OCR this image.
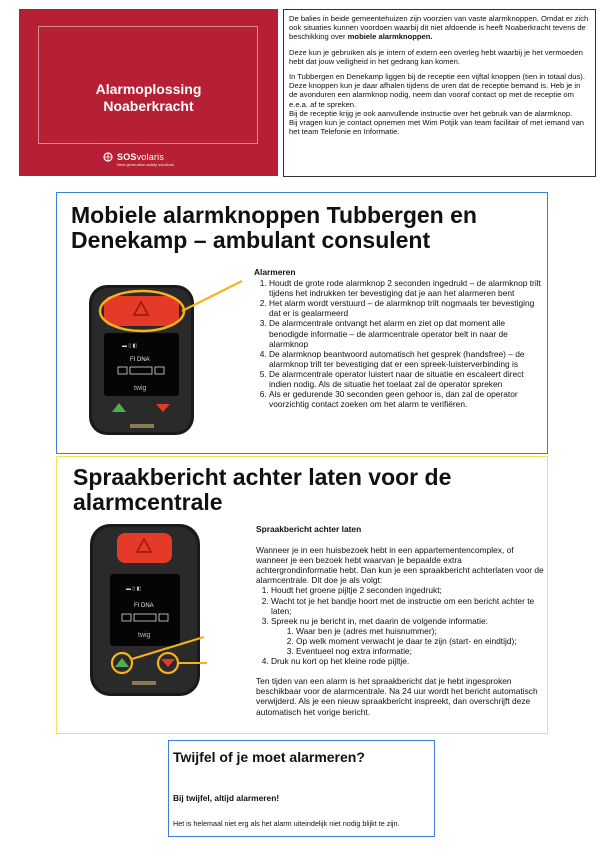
Alarmoplossing
Noaberkracht
SOSvolaris
Next generation safety solutions

De balies in beide gemeentehuizen zijn voorzien van vaste alarmknoppen. Omdat er zich ook situaties kunnen voordoen waarbij dit niet afdoende is heeft Noaberkracht tevens de beschikking over mobiele alarmknoppen.

Deze kun je gebruiken als je intern of extern een overleg hebt waarbij je het vermoeden hebt dat jouw veiligheid in het gedrang kan komen.

In Tubbergen en Denekamp liggen bij de receptie een vijftal knoppen (tien in totaal dus). Deze knoppen kun je daar afhalen tijdens de uren dat de receptie bemand is. Heb je in de avonduren een alarmknop nodig, neem dan vooraf contact op met de receptie om e.e.a. af te spreken.

Bij de receptie krijg je ook aanvullende instructie over het gebruik van de alarmknop.

Bij vragen kun je contact opnemen met Wim Potjik van team facilitair of met iemand van het team Telefonie en Informatie.

Mobiele alarmknoppen Tubbergen en Denekamp – ambulant consulent
▬ ▯ ◧
FI DNA
twig
Alarmeren
1. Houdt de grote rode alarmknop 2 seconden ingedrukt – de alarmknop trilt tijdens het indrukken ter bevestiging dat je aan het alarmeren bent
2. Het alarm wordt verstuurd – de alarmknop trilt nogmaals ter bevestiging dat er is gealarmeerd
3. De alarmcentrale ontvangt het alarm en ziet op dat moment alle benodigde informatie – de alarmcentrale operator belt in naar de alarmknop
4. De alarmknop beantwoord automatisch het gesprek (handsfree) – de alarmknop trilt ter bevestiging dat er een spreek-luisterverbinding is
5. De alarmcentrale operator luistert naar de situatie en escaleert direct indien nodig. Als de situatie het toelaat zal de operator spreken
6. Als er gedurende 30 seconden geen gehoor is, dan zal de operator voorzichtig contact zoeken om het alarm te verifiëren.
Spraakbericht achter laten voor de alarmcentrale
▬ ▯ ◧
FI DNA
twig
Spraakbericht achter laten

Wanneer je in een huisbezoek hebt in een appartementencomplex, of wanneer je een bezoek hebt waarvan je bepaalde extra achtergrondinformatie hebt. Dan kun je een spraakbericht achterlaten voor de alarmcentrale. Dit doe je als volgt:

1. Houdt het groene pijltje 2 seconden ingedrukt;
2. Wacht tot je het bandje hoort met de instructie om een bericht achter te laten;
3. Spreek nu je bericht in, met daarin de volgende informatie:
1. Waar ben je (adres met huisnummer);
2. Op welk moment verwacht je daar te zijn (start- en eindtijd);
3. Eventueel nog extra informatie;
4. Druk nu kort op het kleine rode pijltje.

Ten tijden van een alarm is het spraakbericht dat je hebt ingesproken beschikbaar voor de alarmcentrale. Na 24 uur wordt het bericht automatisch verwijderd. Als je een nieuw spraakbericht inspreekt, dan overschrijft deze automatisch het vorige bericht.

Twijfel of je moet alarmeren?
Bij twijfel, altijd alarmeren!
Het is helemaal niet erg als het alarm uiteindelijk niet nodig blijkt te zijn.
